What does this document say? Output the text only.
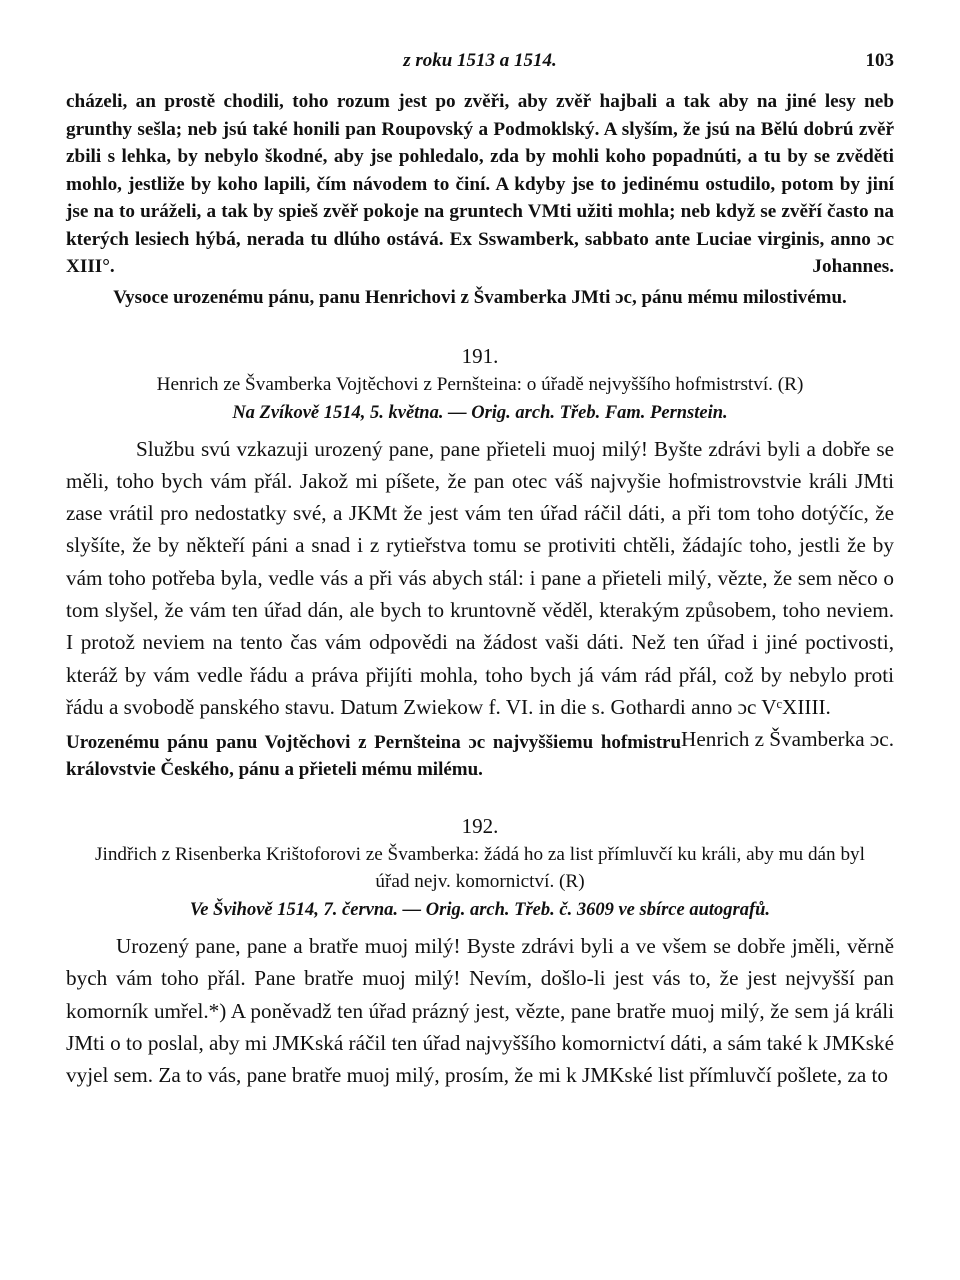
z roku 1513 a 1514.	103

cházeli, an prostě chodili, toho rozum jest po zvěři, aby zvěř hajbali a tak aby na jiné lesy neb grunthy sešla; neb jsú také honili pan Roupovský a Podmoklský. A slyším, že jsú na Bělú dobrú zvěř zbili s lehka, by nebylo škodné, aby jse pohledalo, zda by mohli koho popadnúti, a tu by se zvěděti mohlo, jestliže by koho lapili, čím návodem to činí. A kdyby jse to jedinému ostudilo, potom by jiní jse na to uráželi, a tak by spieš zvěř pokoje na gruntech VMti užiti mohla; neb když se zvěří často na kterých lesiech hýbá, nerada tu dlúho ostává. Ex Sswamberk, sabbato ante Luciae virginis, anno ɔc XIII°.	Johannes.

Vysoce urozenému pánu, panu Henrichovi z Švamberka JMti ɔc, pánu mému milostivému.

191.

Henrich ze Švamberka Vojtěchovi z Pernšteina: o úřadě nejvyššího hofmistrství. (R)

Na Zvíkově 1514, 5. května. — Orig. arch. Třeb. Fam. Pernstein.

Službu svú vzkazuji urozený pane, pane přieteli muoj milý! Byšte zdrávi byli a dobře se měli, toho bych vám přál. Jakož mi píšete, že pan otec váš najvyšie hofmistrovstvie králi JMti zase vrátil pro nedostatky své, a JKMt že jest vám ten úřad ráčil dáti, a při tom toho dotýčíc, že slyšíte, že by někteří páni a snad i z rytieřstva tomu se protiviti chtěli, žádajíc toho, jestli že by vám toho potřeba byla, vedle vás a při vás abych stál: i pane a přieteli milý, vězte, že sem něco o tom slyšel, že vám ten úřad dán, ale bych to kruntovně věděl, kterakým způsobem, toho neviem. I protož neviem na tento čas vám odpovědi na žádost vaši dáti. Než ten úřad i jiné poctivosti, kteráž by vám vedle řádu a práva přijíti mohla, toho bych já vám rád přál, což by nebylo proti řádu a svobodě panského stavu. Datum Zwiekow f. VI. in die s. Gothardi anno ɔc VᶜXIIII.
Henrich z Švamberka ɔc.

Urozenému pánu panu Vojtěchovi z Pernšteina ɔc najvyššiemu hofmistru královstvie Českého, pánu a přieteli mému milému.

192.

Jindřich z Risenberka Krištoforovi ze Švamberka: žádá ho za list přímluvčí ku králi, aby mu dán byl úřad nejv. komornictví. (R)

Ve Švihově 1514, 7. června. — Orig. arch. Třeb. č. 3609 ve sbírce autografů.

Urozený pane, pane a bratře muoj milý! Byste zdrávi byli a ve všem se dobře jměli, věrně bych vám toho přál. Pane bratře muoj milý! Nevím, došlo-li jest vás to, že jest nejvyšší pan komorník umřel.*) A poněvadž ten úřad prázný jest, vězte, pane bratře muoj milý, že sem já králi JMti o to poslal, aby mi JMKská ráčil ten úřad najvyššího komornictví dáti, a sám také k JMKské vyjel sem. Za to vás, pane bratře muoj milý, prosím, že mi k JMKské list přímluvčí pošlete, za to
